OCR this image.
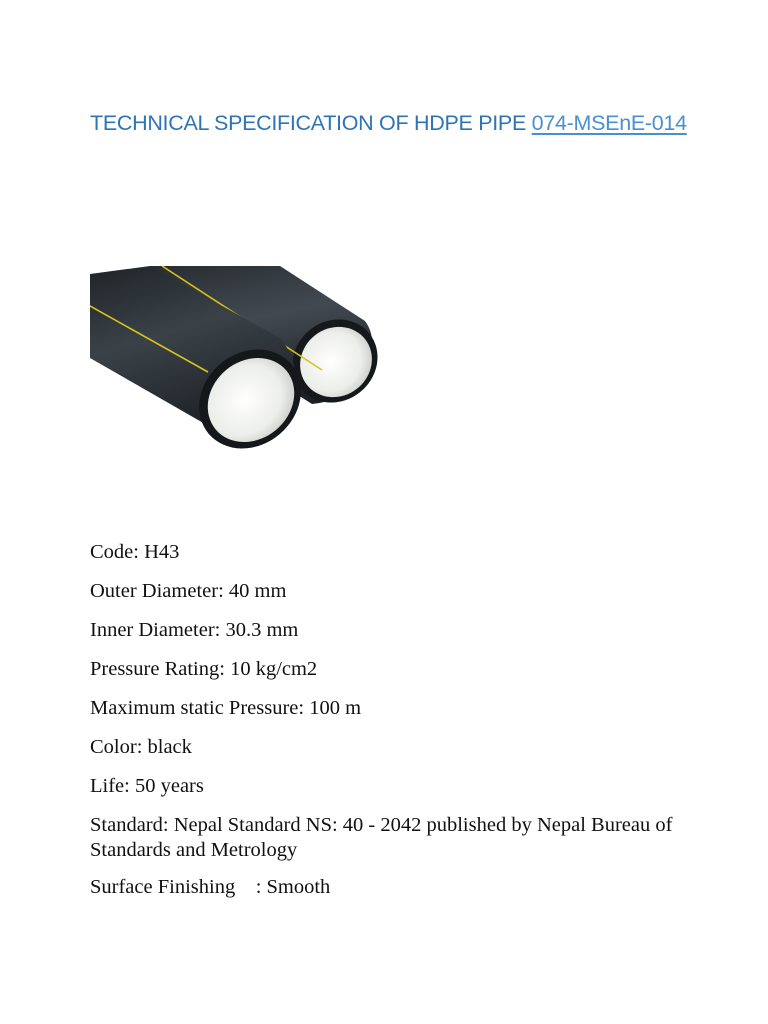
TECHNICAL SPECIFICATION OF HDPE PIPE 074-MSEnE-014

Code: H43

Outer Diameter: 40 mm

Inner Diameter: 30.3 mm

Pressure Rating: 10 kg/cm2

Maximum static Pressure: 100 m

Color: black

Life: 50 years

Standard: Nepal Standard NS: 40 - 2042 published by Nepal Bureau of Standards and Metrology

Surface Finishing    : Smooth
